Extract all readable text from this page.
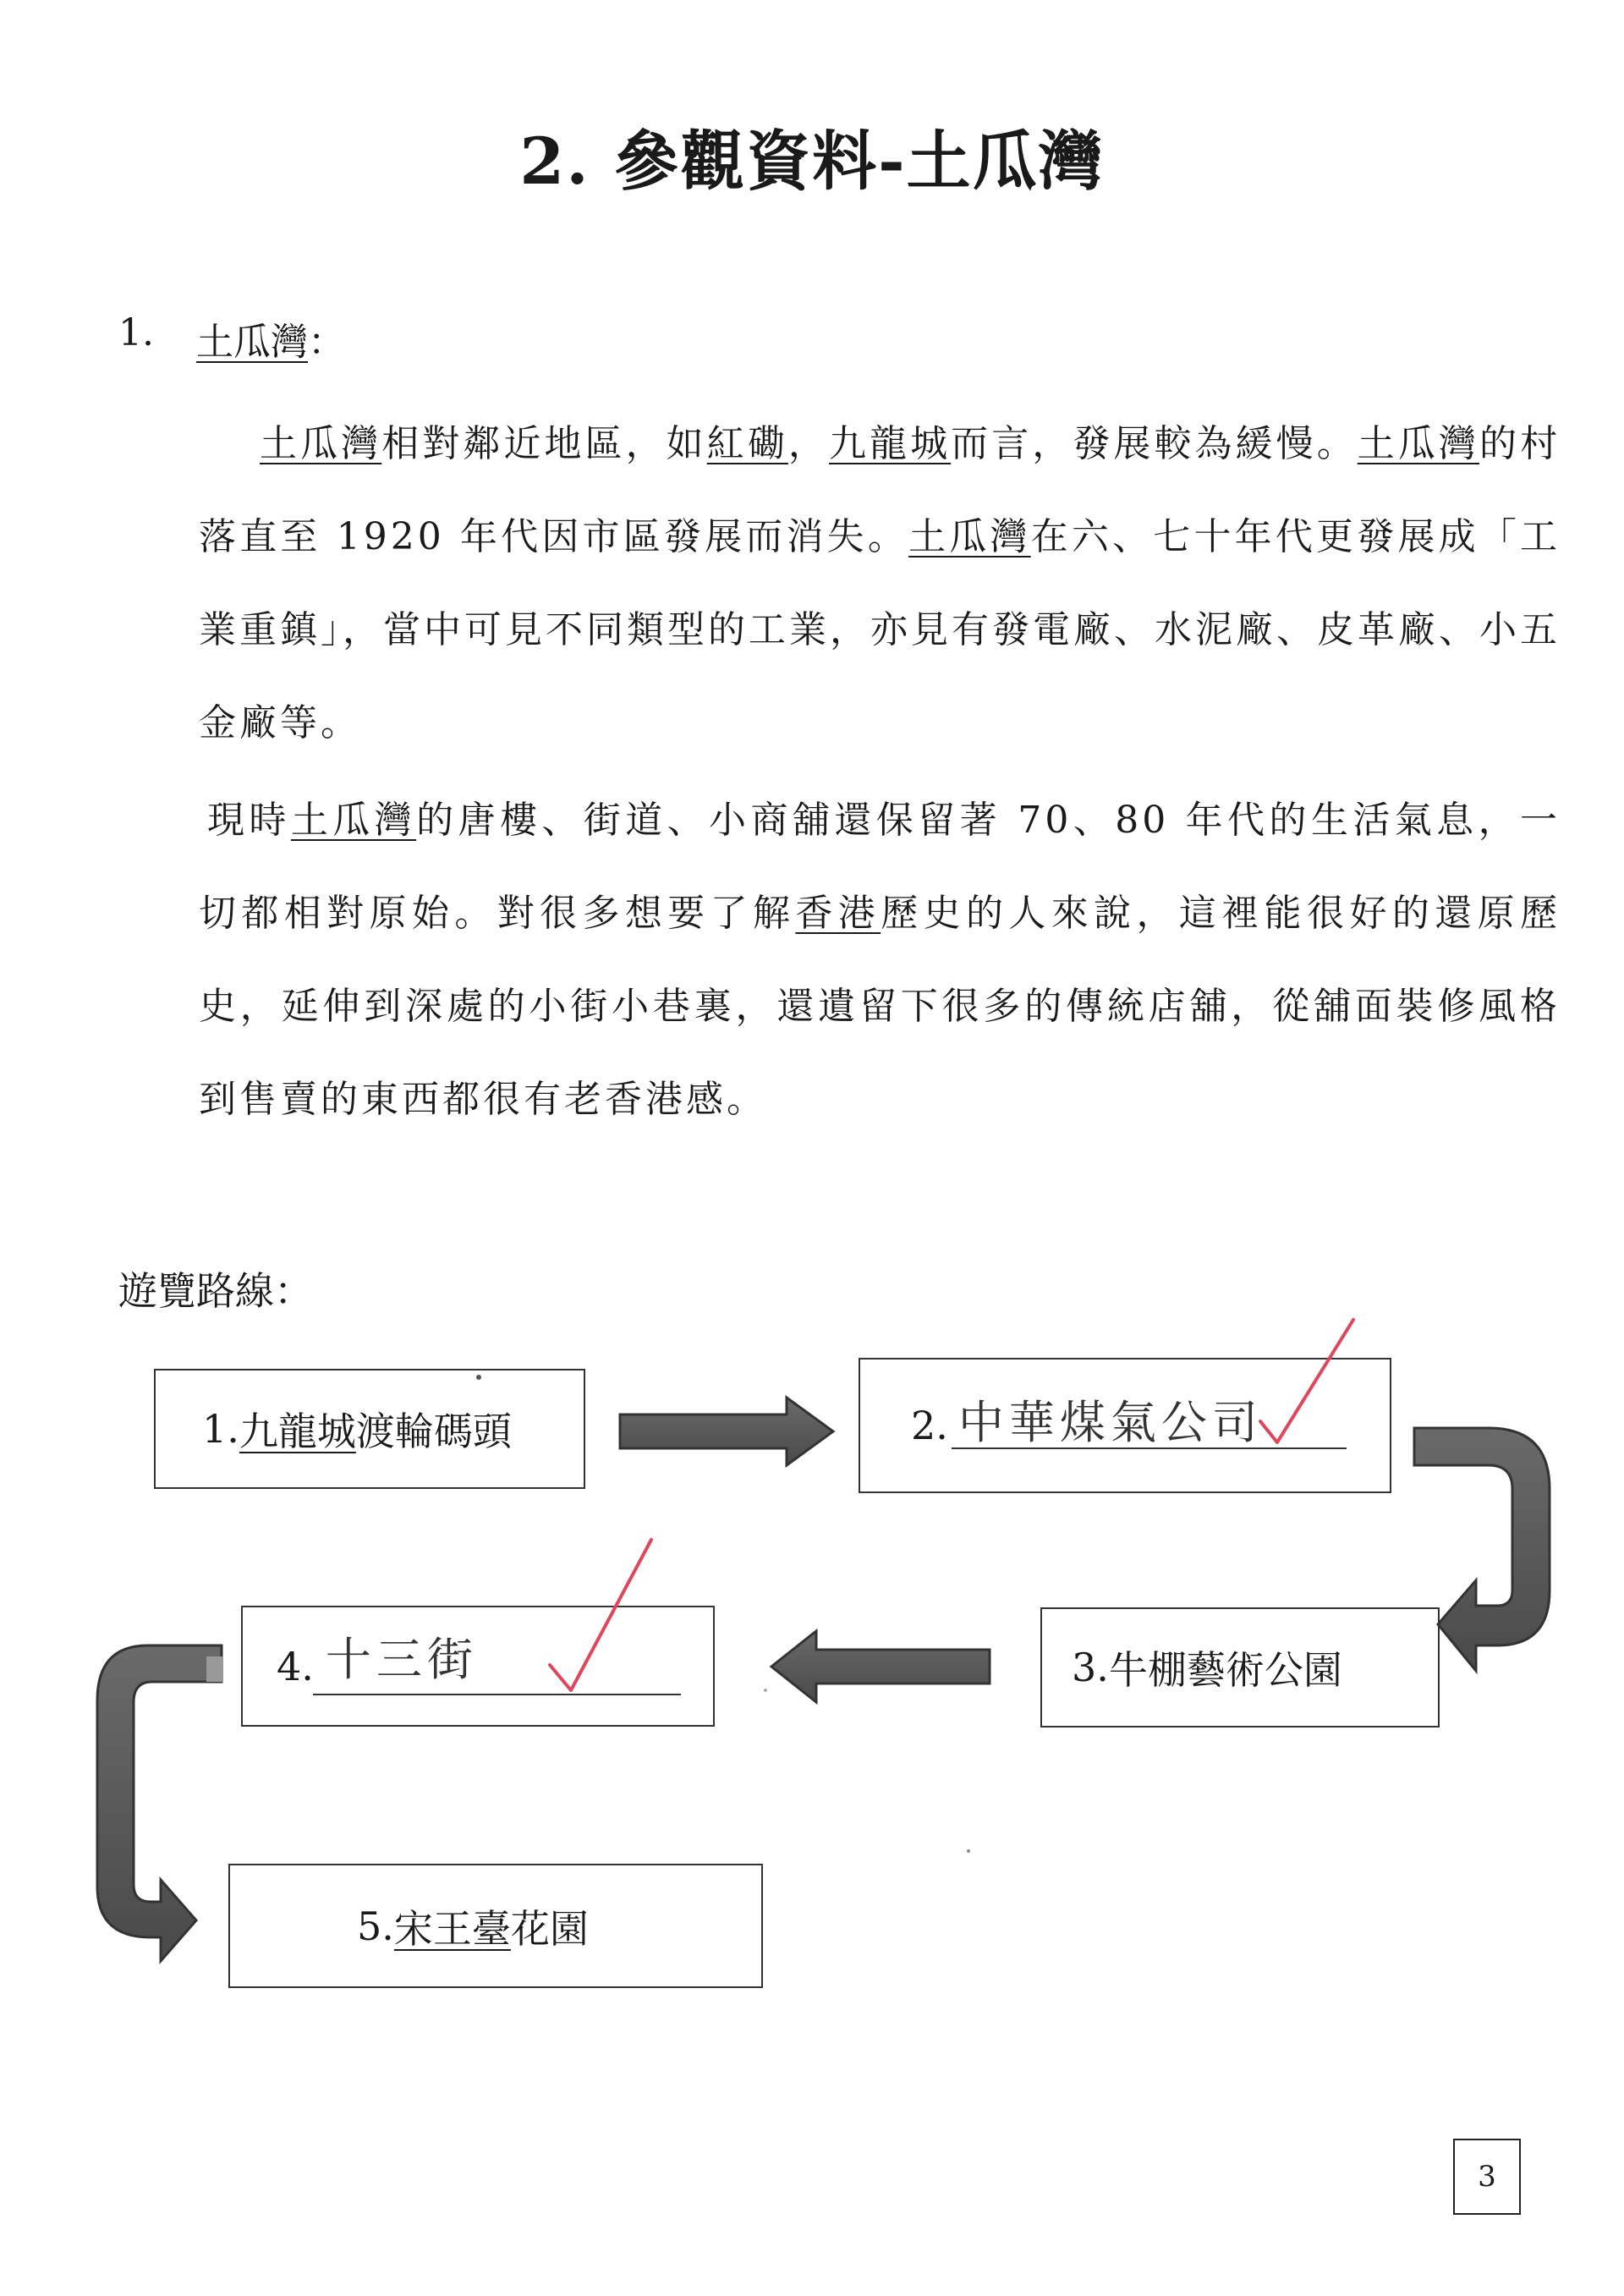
2. 參觀資料-土瓜灣
1. 土瓜灣：
土瓜灣相對鄰近地區，如紅磡，九龍城而言，發展較為緩慢。土瓜灣的村落直至 1920 年代因市區發展而消失。土瓜灣在六、七十年代更發展成「工業重鎮」，當中可見不同類型的工業，亦見有發電廠、水泥廠、皮革廠、小五金廠等。
現時土瓜灣的唐樓、街道、小商舖還保留著 70、80 年代的生活氣息，一切都相對原始。對很多想要了解香港歷史的人來說，這裡能很好的還原歷史，延伸到深處的小街小巷裏，還遺留下很多的傳統店舖，從舖面裝修風格到售賣的東西都很有老香港感。
遊覽路線：
1. 九龍城 渡輪碼頭	2. 中華煤氣公司
3. 牛棚藝術公園
4. 十三街
5. 宋王臺 花園
3
